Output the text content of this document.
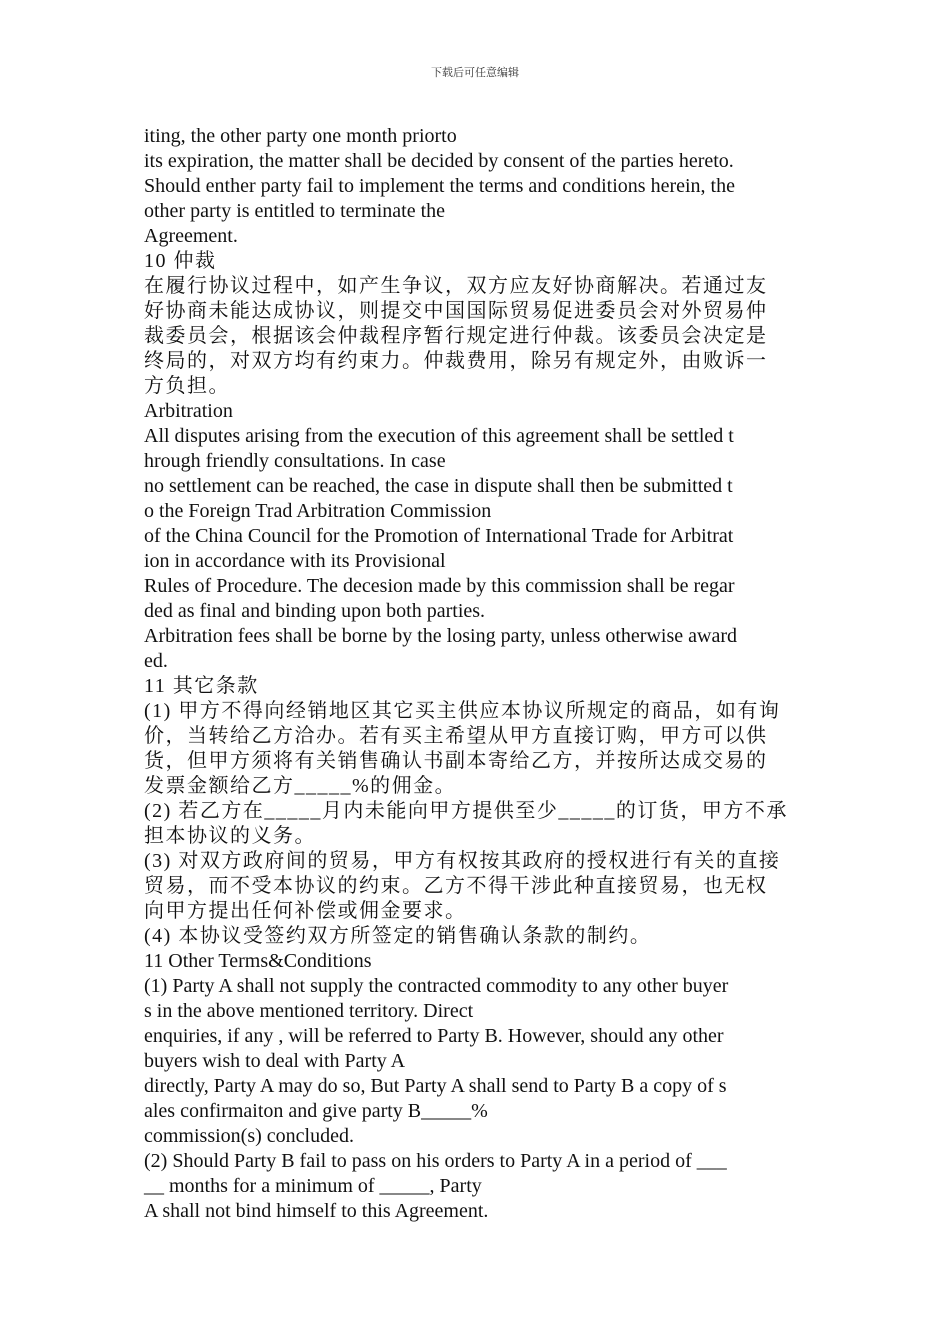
下载后可任意编辑
iting, the other party one month priorto
its expiration, the matter shall be decided by consent of the parties hereto.
Should enther party fail to implement the terms and conditions herein, the
other party is entitled to terminate the
Agreement.
10 仲裁
在履行协议过程中，如产生争议，双方应友好协商解决。若通过友
好协商未能达成协议，则提交中国国际贸易促进委员会对外贸易仲
裁委员会，根据该会仲裁程序暂行规定进行仲裁。该委员会决定是
终局的，对双方均有约束力。仲裁费用，除另有规定外，由败诉一
方负担。
Arbitration
All disputes arising from the execution of this agreement shall be settled t
hrough friendly consultations. In case
no settlement can be reached, the case in dispute shall then be submitted t
o the Foreign Trad Arbitration Commission
of the China Council for the Promotion of International Trade for Arbitrat
ion in accordance with its Provisional
Rules of Procedure. The decesion made by this commission shall be regar
ded as final and binding upon both parties.
Arbitration fees shall be borne by the losing party, unless otherwise award
ed.
11 其它条款
(1) 甲方不得向经销地区其它买主供应本协议所规定的商品，如有询
价，当转给乙方洽办。若有买主希望从甲方直接订购，甲方可以供
货，但甲方须将有关销售确认书副本寄给乙方，并按所达成交易的
发票金额给乙方_____%的佣金。
(2) 若乙方在_____月内未能向甲方提供至少_____的订货，甲方不承
担本协议的义务。
(3) 对双方政府间的贸易，甲方有权按其政府的授权进行有关的直接
贸易，而不受本协议的约束。乙方不得干涉此种直接贸易，也无权
向甲方提出任何补偿或佣金要求。
(4) 本协议受签约双方所签定的销售确认条款的制约。
11 Other Terms&Conditions
(1) Party A shall not supply the contracted commodity to any other buyer
s in the above mentioned territory. Direct
enquiries, if any , will be referred to Party B. However, should any other
buyers wish to deal with Party A
directly, Party A may do so, But Party A shall send to Party B a copy of s
ales confirmaiton and give party B_____%
commission(s) concluded.
(2) Should Party B fail to pass on his orders to Party A in a period of ___
__ months for a minimum of _____, Party
A shall not bind himself to this Agreement.
